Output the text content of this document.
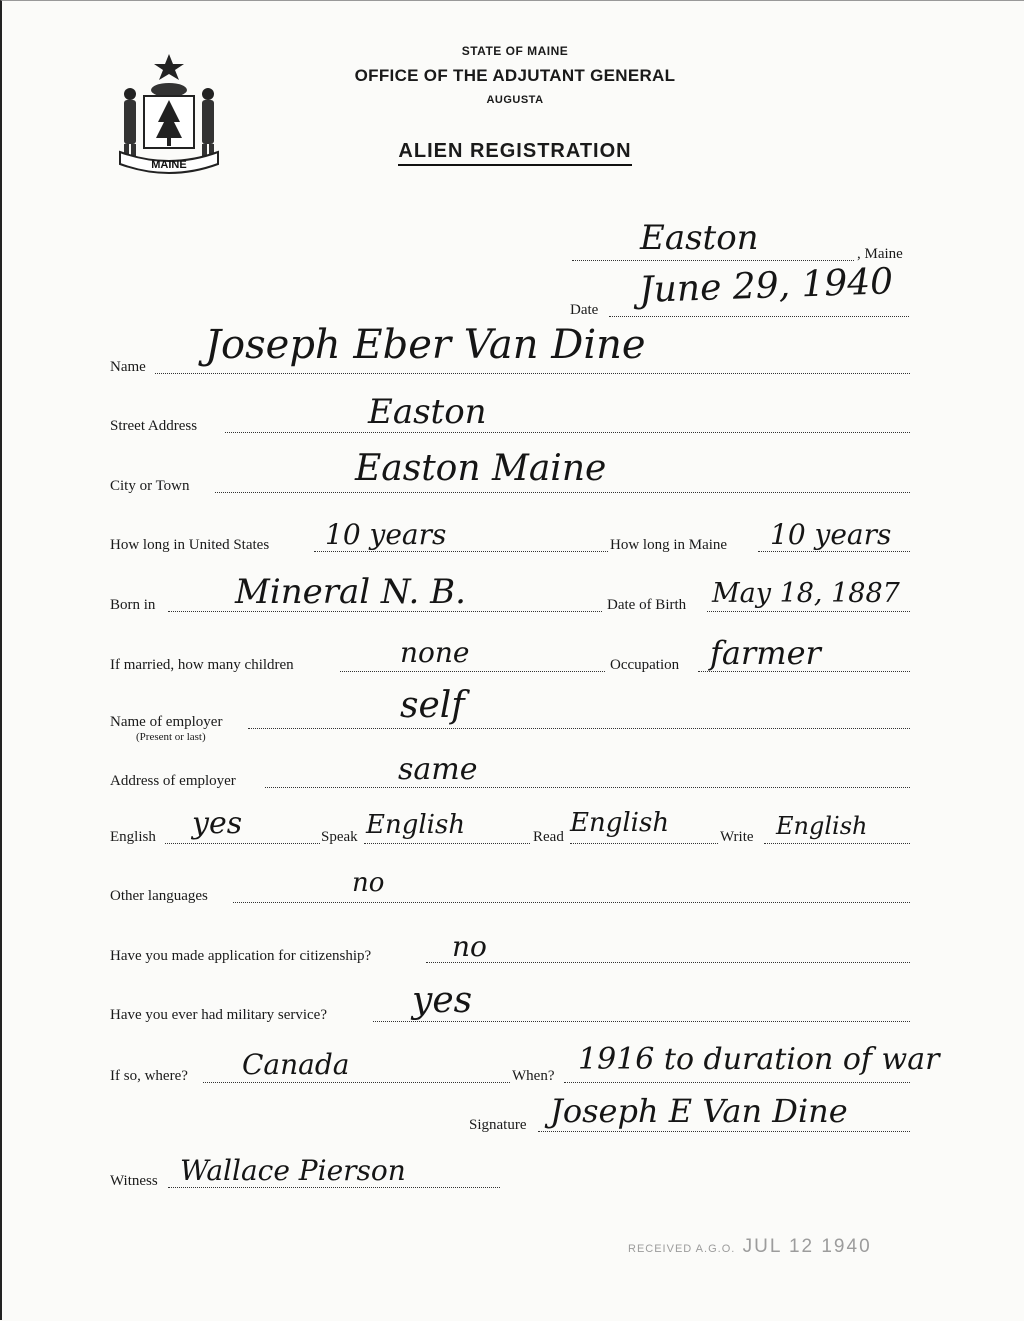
MAINE
STATE OF MAINE
OFFICE OF THE ADJUTANT GENERAL
AUGUSTA
ALIEN REGISTRATION
, Maine
Easton
Date June 29, 1940
Name Joseph Eber Van Dine
Street Address	Easton
City or Town	Easton Maine
How long in United States 10 years	How long in Maine 10 years
Born in Mineral N. B.	Date of Birth May 18, 1887
If married, how many children	none	Occupation farmer
Name of employer
(Present or last)
self
Address of employer	same
English yes	Speak English	Read English	Write English
Other languages	no
Have you made application for citizenship?	no
Have you ever had military service? yes
If so, where? Canada	When? 1916 to duration of war
Signature Joseph E Van Dine
Witness Wallace Pierson
RECEIVED A.G.O. JUL 12 1940
